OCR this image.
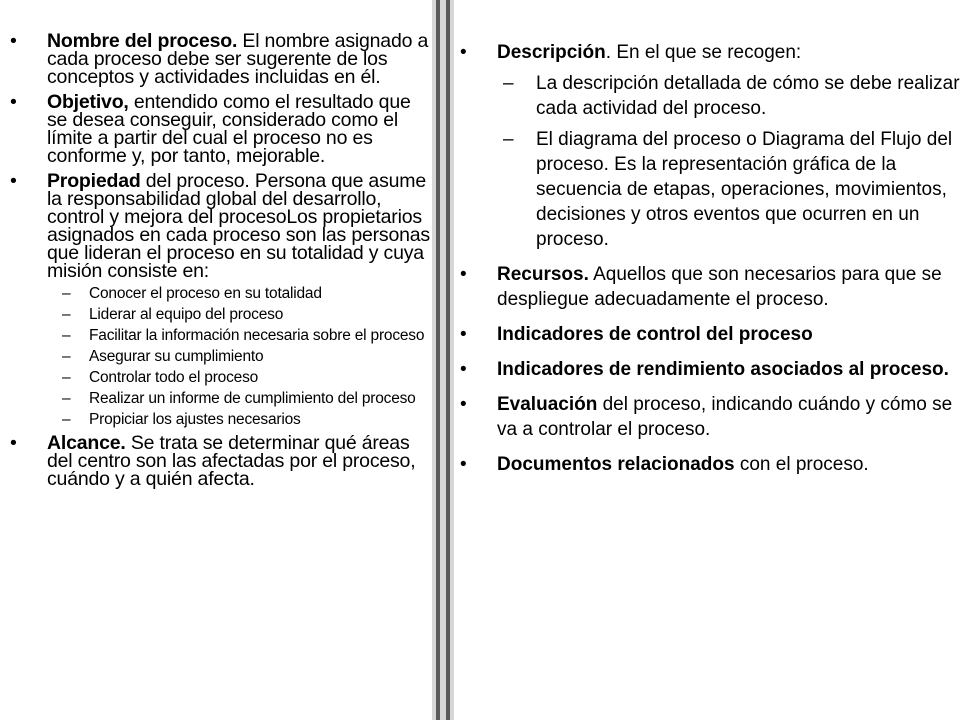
• Nombre del proceso. El nombre asignado a cada proceso debe ser sugerente de los conceptos y actividades incluidas en él.
• Objetivo, entendido como el resultado que se desea conseguir, considerado como el límite a partir del cual el proceso no es conforme y, por tanto, mejorable.
• Propiedad del proceso. Persona que asume la responsabilidad global del desarrollo, control y mejora del procesoLos propietarios asignados en cada proceso son las personas que lideran el proceso en su totalidad y cuya misión consiste en:
– Conocer el proceso en su totalidad
– Liderar al equipo del proceso
– Facilitar la información necesaria sobre el proceso
– Asegurar su cumplimiento
– Controlar todo el proceso
– Realizar un informe de cumplimiento del proceso
– Propiciar los ajustes necesarios
• Alcance. Se trata se determinar qué áreas del centro son las afectadas por el proceso, cuándo y a quién afecta.
• Descripción. En el que se recogen:
– La descripción detallada de cómo se debe realizar cada actividad del proceso.
– El diagrama del proceso o Diagrama del Flujo del proceso. Es la representación gráfica de la secuencia de etapas, operaciones, movimientos, decisiones y otros eventos que ocurren en un proceso.
• Recursos. Aquellos que son necesarios para que se despliegue adecuadamente el proceso.
• Indicadores de control del proceso
• Indicadores de rendimiento asociados al proceso.
• Evaluación del proceso, indicando cuándo y cómo se va a controlar el proceso.
• Documentos relacionados con el proceso.
